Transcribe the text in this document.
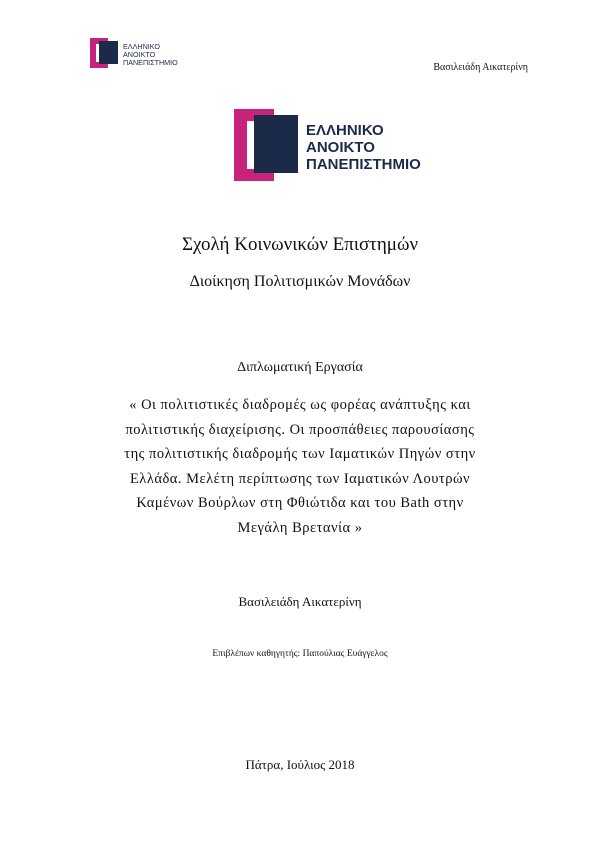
ΕΛΛΗΝΙΚΟ
ΑΝΟΙΚΤΟ
ΠΑΝΕΠΙΣΤΗΜΙΟ	Βασιλειάδη Αικατερίνη
ΕΛΛΗΝΙΚΟ
ΑΝΟΙΚΤΟ
ΠΑΝΕΠΙΣΤΗΜΙΟ
Σχολή Κοινωνικών Επιστημών
Διοίκηση Πολιτισμικών Μονάδων
Διπλωματική Εργασία
« Οι πολιτιστικές διαδρομές ως φορέας ανάπτυξης και
πολιτιστικής διαχείρισης. Οι προσπάθειες παρουσίασης
της πολιτιστικής διαδρομής των Ιαματικών Πηγών στην
Ελλάδα. Μελέτη περίπτωσης των Ιαματικών Λουτρών
Καμένων Βούρλων στη Φθιώτιδα και του Bath στην
Μεγάλη Βρετανία »
Βασιλειάδη Αικατερίνη
Επιβλέπων καθηγητής: Παπούλιας Ευάγγελος
Πάτρα, Ιούλιος 2018
